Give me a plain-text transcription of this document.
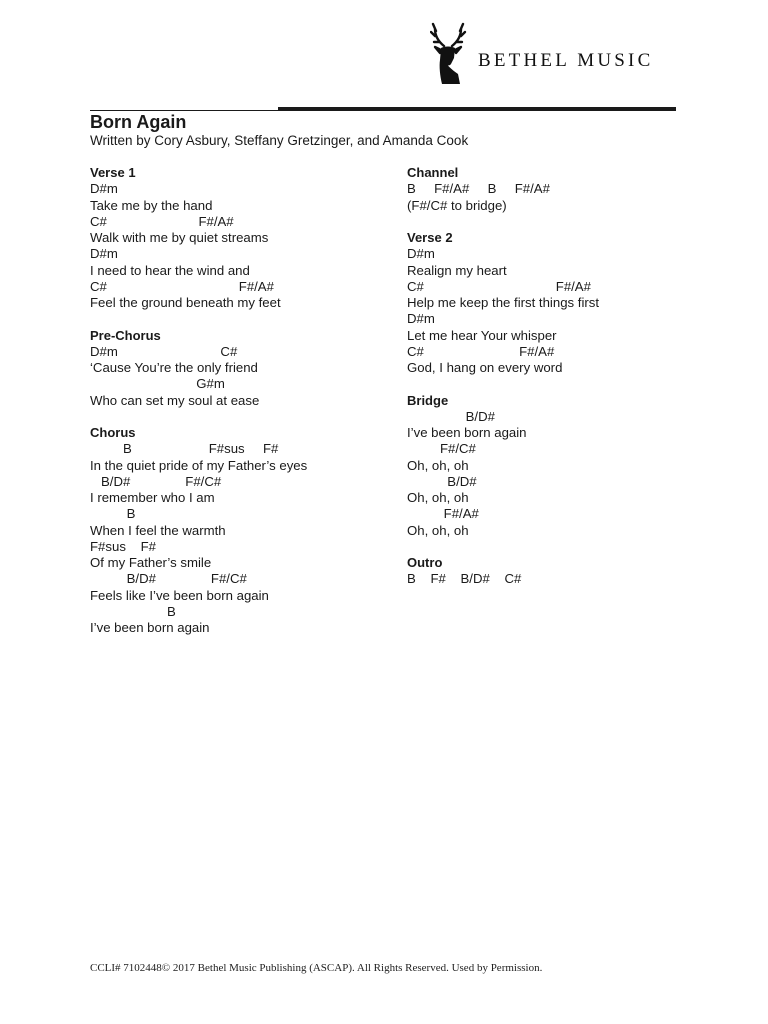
BETHEL MUSIC
Born Again
Written by Cory Asbury, Steffany Gretzinger, and Amanda Cook
Verse 1
D#m
Take me by the hand
C#                         F#/A#
Walk with me by quiet streams
D#m
I need to hear the wind and
C#                                    F#/A#
Feel the ground beneath my feet
Pre-Chorus
D#m                            C#
‘Cause You’re the only friend
G#m
Who can set my soul at ease
Chorus
B                     F#sus     F#
In the quiet pride of my Father’s eyes
B/D#               F#/C#
I remember who I am
B
When I feel the warmth
F#sus    F#
Of my Father’s smile
B/D#               F#/C#
Feels like I’ve been born again
B
I’ve been born again
Channel
B     F#/A#     B     F#/A#
(F#/C# to bridge)
Verse 2
D#m
Realign my heart
C#                                    F#/A#
Help me keep the first things first
D#m
Let me hear Your whisper
C#                          F#/A#
God, I hang on every word
Bridge
B/D#
I’ve been born again
F#/C#
Oh, oh, oh
B/D#
Oh, oh, oh
F#/A#
Oh, oh, oh
Outro
B    F#    B/D#    C#
CCLI# 7102448© 2017 Bethel Music Publishing (ASCAP). All Rights Reserved. Used by Permission.
